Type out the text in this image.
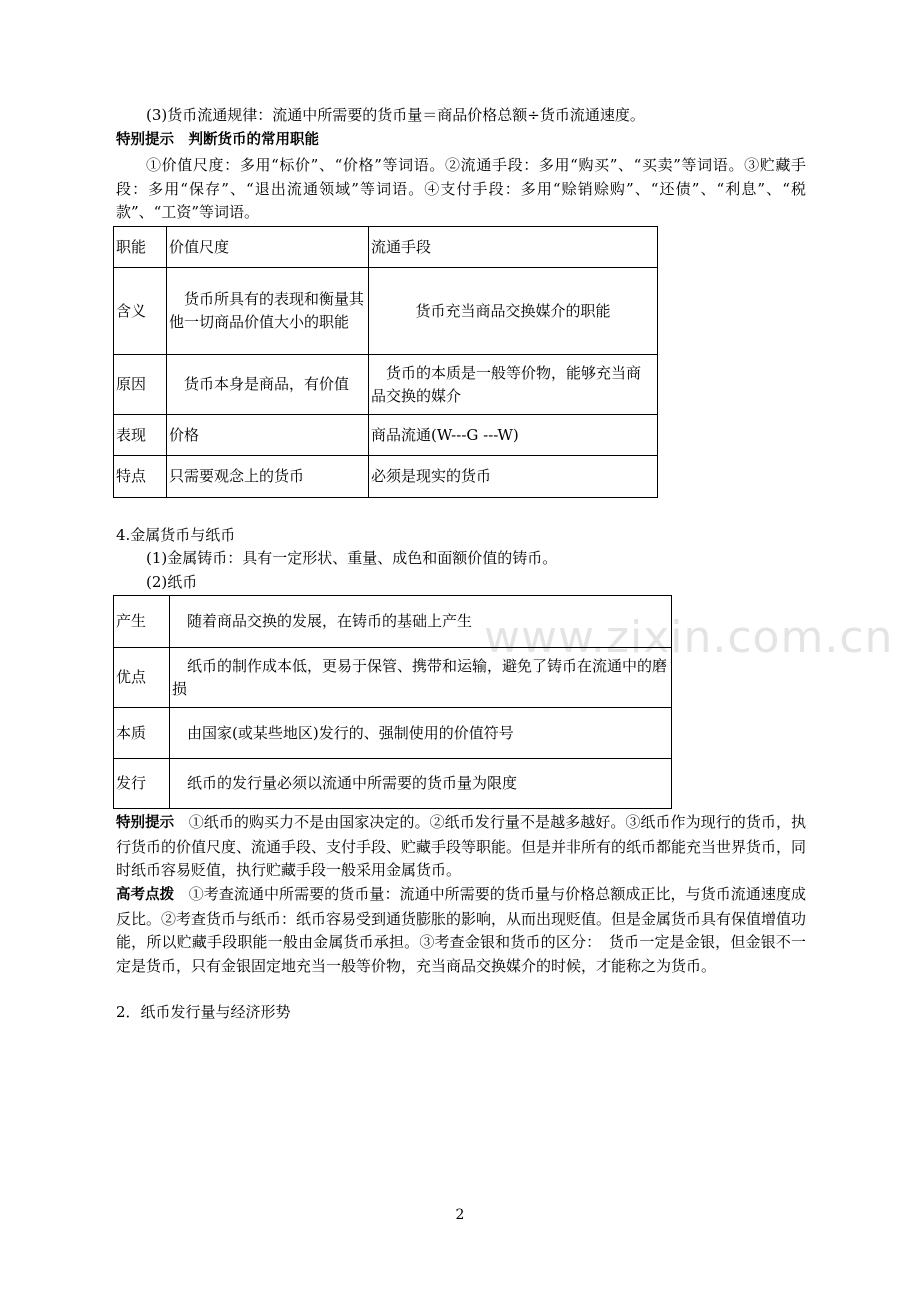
(3)货币流通规律：流通中所需要的货币量＝商品价格总额÷货币流通速度。
特别提示　判断货币的常用职能
①价值尺度：多用“标价”、“价格”等词语。②流通手段：多用“购买”、“买卖”等词语。③贮藏手段：多用“保存”、“退出流通领域”等词语。④支付手段：多用“赊销赊购”、“还债”、“利息”、“税款”、“工资”等词语。
职能	价值尺度	流通手段
含义	货币所具有的表现和衡量其他一切商品价值大小的职能	货币充当商品交换媒介的职能
原因	货币本身是商品，有价值	货币的本质是一般等价物，能够充当商品交换的媒介
表现	价格	商品流通(W---G ---W)
特点	只需要观念上的货币	必须是现实的货币
4.金属货币与纸币
(1)金属铸币：具有一定形状、重量、成色和面额价值的铸币。
(2)纸币
www.zixin.com.cn
产生	随着商品交换的发展，在铸币的基础上产生
优点	纸币的制作成本低，更易于保管、携带和运输，避免了铸币在流通中的磨损
本质	由国家(或某些地区)发行的、强制使用的价值符号
发行	纸币的发行量必须以流通中所需要的货币量为限度
特别提示 ①纸币的购买力不是由国家决定的。②纸币发行量不是越多越好。③纸币作为现行的货币，执行货币的价值尺度、流通手段、支付手段、贮藏手段等职能。但是并非所有的纸币都能充当世界货币，同时纸币容易贬值，执行贮藏手段一般采用金属货币。
高考点拨 ①考查流通中所需要的货币量：流通中所需要的货币量与价格总额成正比，与货币流通速度成反比。②考查货币与纸币：纸币容易受到通货膨胀的影响，从而出现贬值。但是金属货币具有保值增值功能，所以贮藏手段职能一般由金属货币承担。③考查金银和货币的区分：　货币一定是金银，但金银不一定是货币，只有金银固定地充当一般等价物，充当商品交换媒介的时候，才能称之为货币。
2．纸币发行量与经济形势
2
